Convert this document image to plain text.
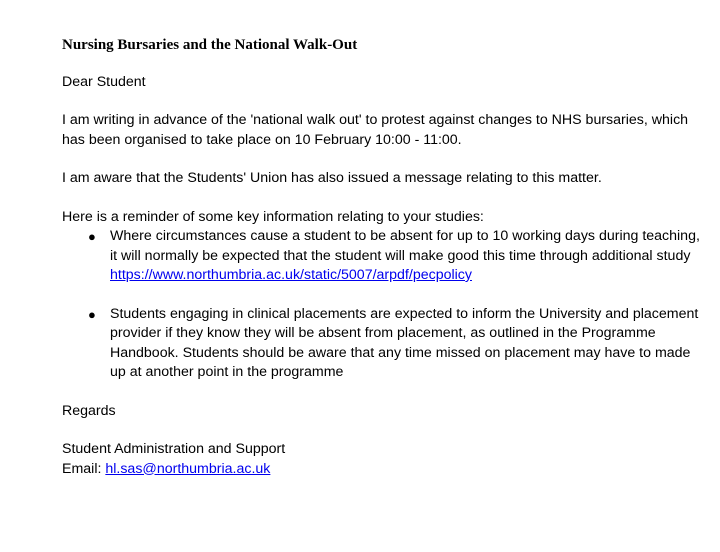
Nursing Bursaries and the National Walk-Out
Dear Student
I am writing in advance of the 'national walk out' to protest against changes to NHS bursaries, which has been organised to take place on 10 February 10:00 - 11:00.
I am aware that the Students' Union has also issued a message relating to this matter.
Here is a reminder of some key information relating to your studies:
● Where circumstances cause a student to be absent for up to 10 working days during teaching, it will normally be expected that the student will make good this time through additional study
https://www.northumbria.ac.uk/static/5007/arpdf/pecpolicy
● Students engaging in clinical placements are expected to inform the University and placement provider if they know they will be absent from placement, as outlined in the Programme Handbook. Students should be aware that any time missed on placement may have to made up at another point in the programme
Regards
Student Administration and Support
Email: hl.sas@northumbria.ac.uk
